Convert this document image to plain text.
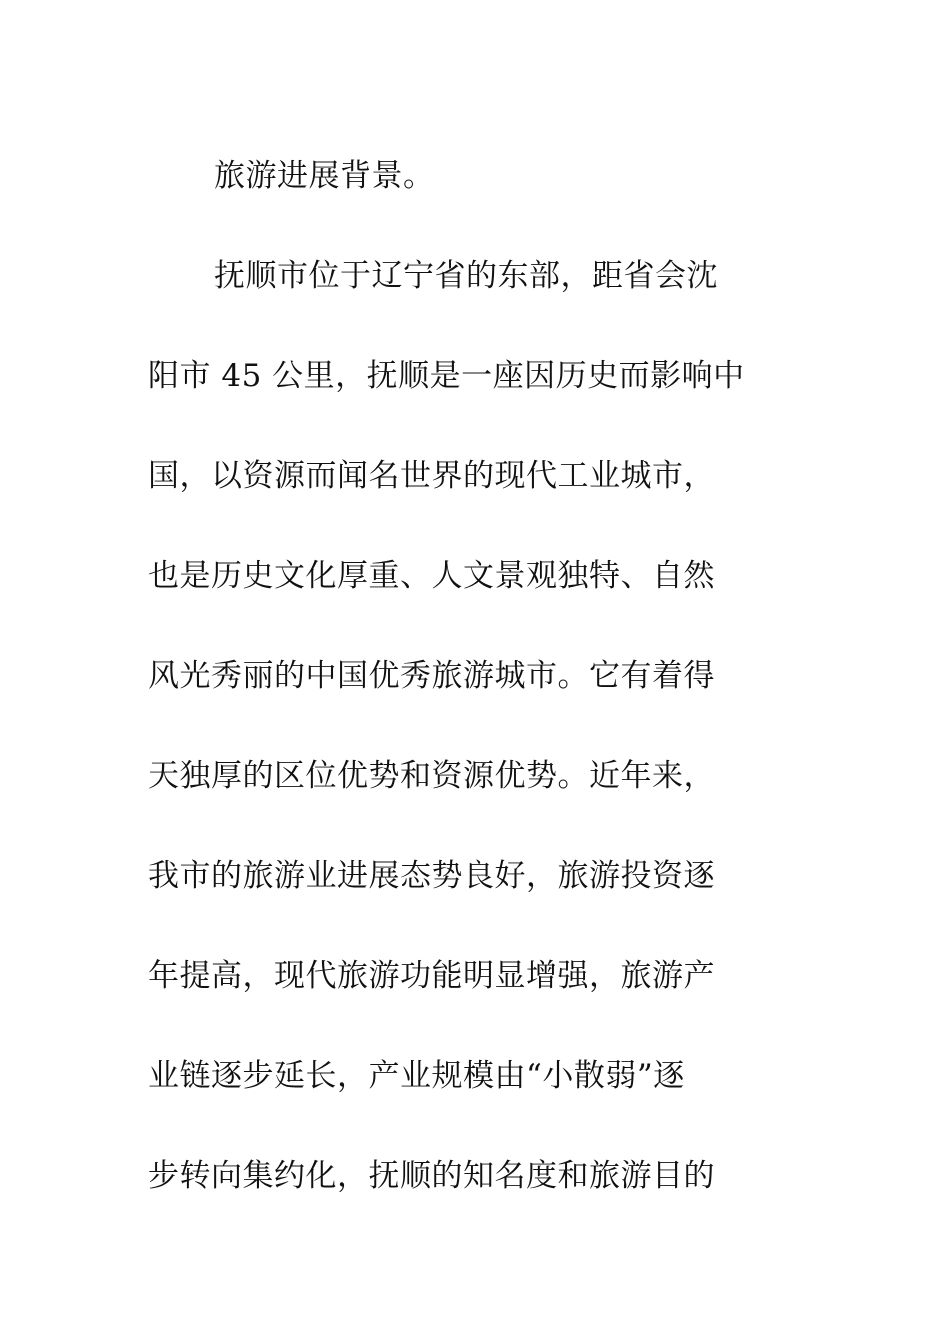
旅游进展背景。
抚顺市位于辽宁省的东部，距省会沈
阳市 45 公里，抚顺是一座因历史而影响中
国，以资源而闻名世界的现代工业城市，
也是历史文化厚重、人文景观独特、自然
风光秀丽的中国优秀旅游城市。它有着得
天独厚的区位优势和资源优势。近年来，
我市的旅游业进展态势良好，旅游投资逐
年提高，现代旅游功能明显增强，旅游产
业链逐步延长，产业规模由“小散弱”逐
步转向集约化，抚顺的知名度和旅游目的
